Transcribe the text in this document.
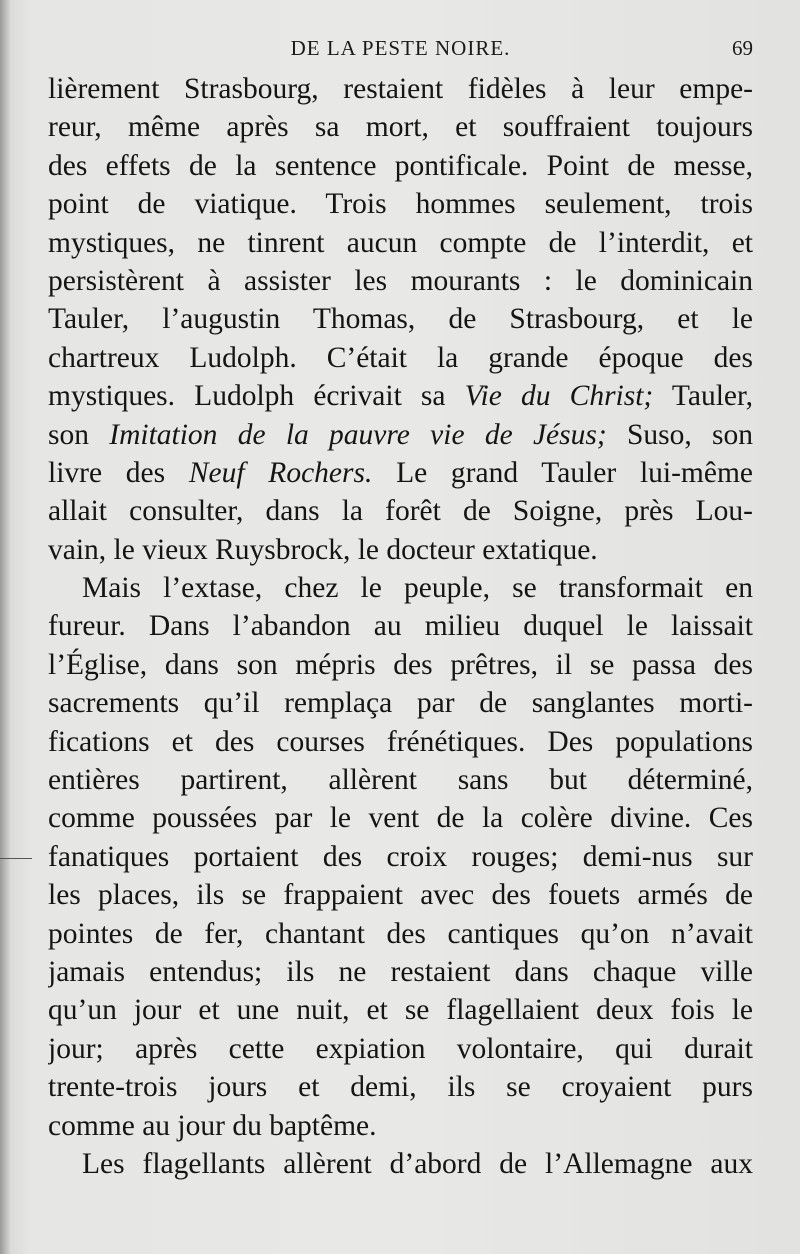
DE LA PESTE NOIRE.	69
lièrement Strasbourg, restaient fidèles à leur empe-
reur, même après sa mort, et souffraient toujours
des effets de la sentence pontificale. Point de messe,
point de viatique. Trois hommes seulement, trois
mystiques, ne tinrent aucun compte de l’interdit, et
persistèrent à assister les mourants : le dominicain
Tauler, l’augustin Thomas, de Strasbourg, et le
chartreux Ludolph. C’était la grande époque des
mystiques. Ludolph écrivait sa Vie du Christ; Tauler,
son Imitation de la pauvre vie de Jésus; Suso, son
livre des Neuf Rochers. Le grand Tauler lui-même
allait consulter, dans la forêt de Soigne, près Lou-
vain, le vieux Ruysbrock, le docteur extatique.
Mais l’extase, chez le peuple, se transformait en
fureur. Dans l’abandon au milieu duquel le laissait
l’Église, dans son mépris des prêtres, il se passa des
sacrements qu’il remplaça par de sanglantes morti-
fications et des courses frénétiques. Des populations
entières partirent, allèrent sans but déterminé,
comme poussées par le vent de la colère divine. Ces
fanatiques portaient des croix rouges; demi-nus sur
les places, ils se frappaient avec des fouets armés de
pointes de fer, chantant des cantiques qu’on n’avait
jamais entendus; ils ne restaient dans chaque ville
qu’un jour et une nuit, et se flagellaient deux fois le
jour; après cette expiation volontaire, qui durait
trente-trois jours et demi, ils se croyaient purs
comme au jour du baptême.
Les flagellants allèrent d’abord de l’Allemagne aux
